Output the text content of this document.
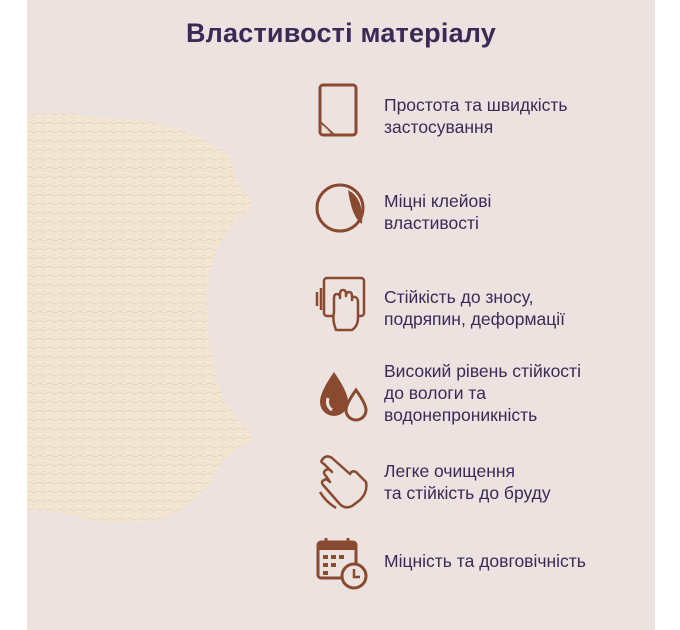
Властивості матеріалу
Простота та швидкість
застосування
Міцні клейові
властивості
Стійкість до зносу,
подряпин, деформації
Високий рівень стійкості
до вологи та
водонепроникність
Легке очищення
та стійкість до бруду
Міцність та довговічність
